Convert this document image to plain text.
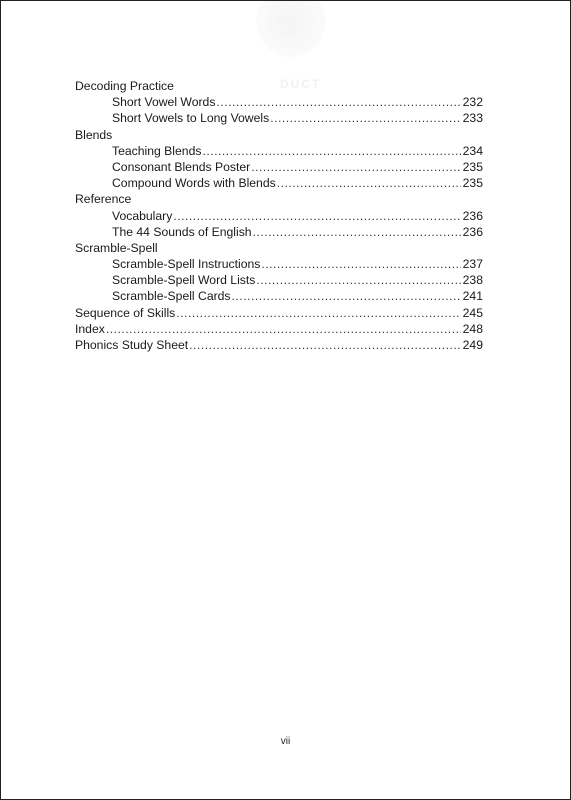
DUCT
Decoding Practice
Short Vowel Words .....	232
Short Vowels to Long Vowels .....	233
Blends
Teaching Blends .....	234
Consonant Blends Poster .....	235
Compound Words with Blends .....	235
Reference
Vocabulary .....	236
The 44 Sounds of English .....	236
Scramble-Spell
Scramble-Spell Instructions .....	237
Scramble-Spell Word Lists .....	238
Scramble-Spell Cards .....	241
Sequence of Skills .....	245
Index .....	248
Phonics Study Sheet .....	249
vii
